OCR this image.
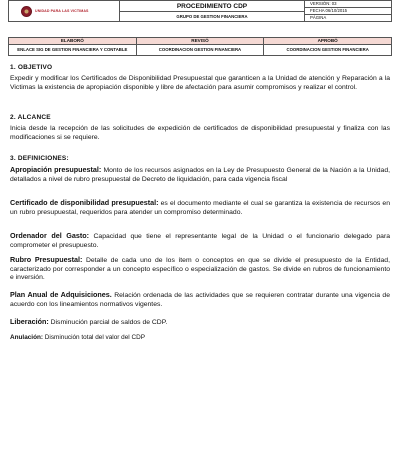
UNIDAD PARA LAS VICTIMAS

PROCEDIMIENTO CDP
GRUPO DE GESTION FINANCIERA

VERSIÓN: 03
FECHA 06/10/2015
PÁGINA
ELABORÓ	REVISÓ	APROBÓ
ENLACE SIG DE GESTION FINANCIERA Y CONTABLE	COORDINACION GESTION FINANCIERA	COORDINACION GESTION FINANCIERA
1. OBJETIVO

Expedir y modificar los Certificados de Disponibilidad Presupuestal que garanticen a la Unidad de atención y Reparación a la Victimas la existencia de apropiación disponible y libre de afectación para asumir compromisos y realizar el control.

2. ALCANCE

Inicia desde la recepción de las solicitudes de expedición de certificados de disponibilidad presupuestal y finaliza con las modificaciones si se requiere.

3. DEFINICIONES:

Apropiación presupuestal: Monto de los recursos asignados en la Ley de Presupuesto General de la Nación a la Unidad, detallados a nivel de rubro presupuestal de Decreto de liquidación, para cada vigencia fiscal

Certificado de disponibilidad presupuestal: es el documento mediante el cual se garantiza la existencia de recursos en un rubro presupuestal, requeridos para atender un compromiso determinado.

Ordenador del Gasto: Capacidad que tiene el representante legal de la Unidad o el funcionario delegado para comprometer el presupuesto.

Rubro Presupuestal: Detalle de cada uno de los ítem o conceptos en que se divide el presupuesto de la Entidad, caracterizado por corresponder a un concepto específico o especialización de gastos. Se divide en rubros de funcionamiento e inversión.

Plan Anual de Adquisiciones. Relación ordenada de las actividades que se requieren contratar durante una vigencia de acuerdo con los lineamientos normativos vigentes.

Liberación: Disminución parcial de saldos de CDP.

Anulación: Disminución total del valor del CDP
